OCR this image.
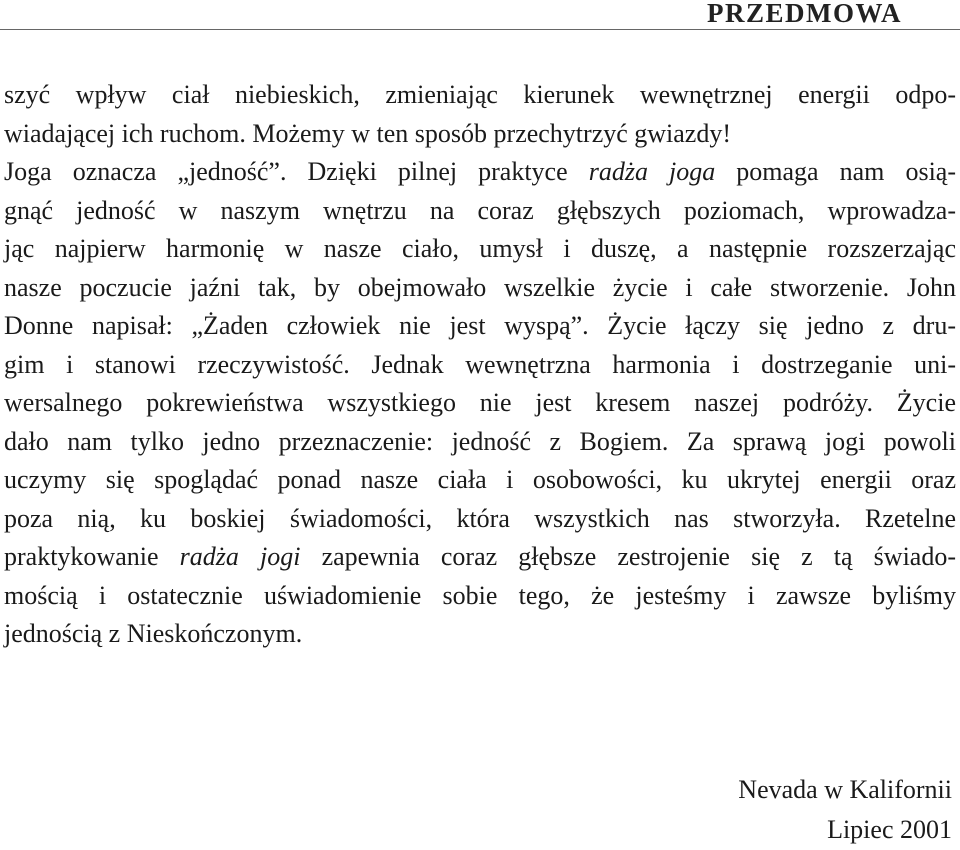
PRZEDMOWA
szyć wpływ ciał niebieskich, zmieniając kierunek wewnętrznej energii odpo-
wiadającej ich ruchom. Możemy w ten sposób przechytrzyć gwiazdy!
Joga oznacza „jedność”. Dzięki pilnej praktyce radża joga pomaga nam osią-
gnąć jedność w naszym wnętrzu na coraz głębszych poziomach, wprowadza-
jąc najpierw harmonię w nasze ciało, umysł i duszę, a następnie rozszerzając
nasze poczucie jaźni tak, by obejmowało wszelkie życie i całe stworzenie. John
Donne napisał: „Żaden człowiek nie jest wyspą”. Życie łączy się jedno z dru-
gim i stanowi rzeczywistość. Jednak wewnętrzna harmonia i dostrzeganie uni-
wersalnego pokrewieństwa wszystkiego nie jest kresem naszej podróży. Życie
dało nam tylko jedno przeznaczenie: jedność z Bogiem. Za sprawą jogi powoli
uczymy się spoglądać ponad nasze ciała i osobowości, ku ukrytej energii oraz
poza nią, ku boskiej świadomości, która wszystkich nas stworzyła. Rzetelne
praktykowanie radża jogi zapewnia coraz głębsze zestrojenie się z tą świado-
mością i ostatecznie uświadomienie sobie tego, że jesteśmy i zawsze byliśmy
jednością z Nieskończonym.
Nevada w Kalifornii
Lipiec 2001
